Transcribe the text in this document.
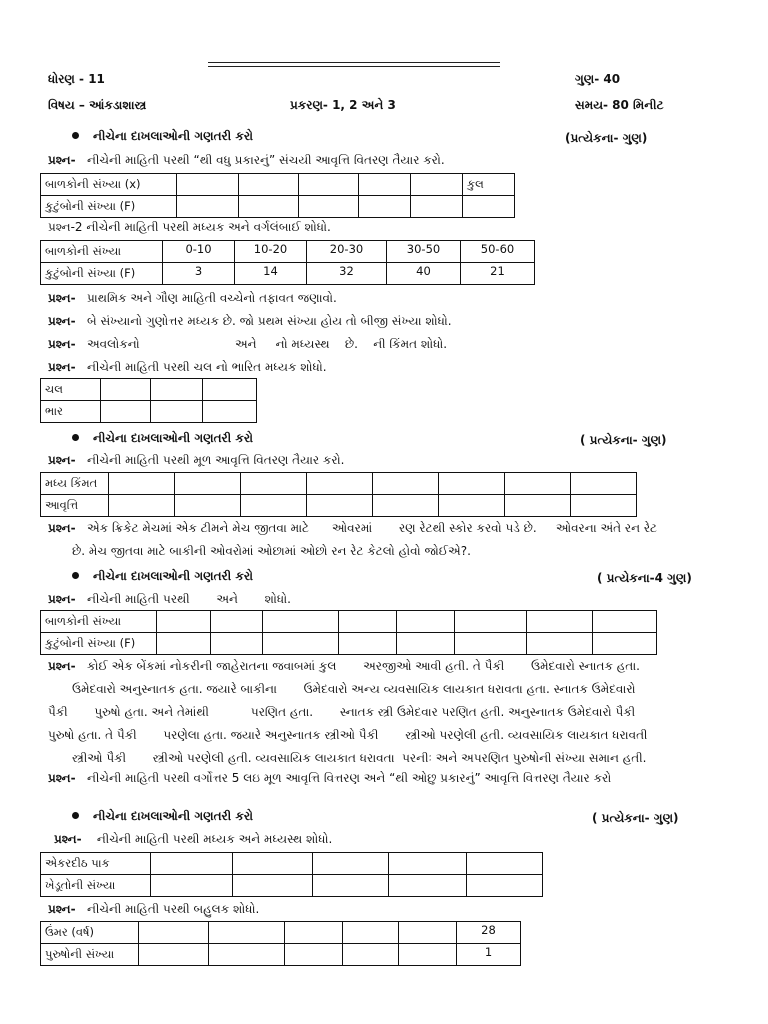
ધોરણ - 11	ગુણ- 40
વિષય – આંકડાશાસ્ત્ર	પ્રકરણ- 1, 2 અને 3	સમય- 80 મિનીટ
નીચેના દાખલાઓની ગણતરી કરો	(પ્રત્યેકના- ગુણ)
પ્રશ્ન- નીચેની માહિતી પરથી “થી વધુ પ્રકારનું” સંચયી આવૃત્તિ વિતરણ તૈયાર કરો.
બાળકોની સંખ્યા (x)						કુલ
કુટુંબોની સંખ્યા (F)						
પ્રશ્ન-2 નીચેની માહિતી પરથી મધ્યક અને વર્ગલંબાઈ શોધો.
બાળકોની સંખ્યા	0-10	10-20	20-30	30-50	50-60
કુટુંબોની સંખ્યા (F)	3	14	32	40	21
પ્રશ્ન- પ્રાથમિક અને ગૌણ માહિતી વચ્ચેનો તફાવત જણાવો.
પ્રશ્ન- બે સંખ્યાનો ગુણોત્તર મધ્યક છે. જો પ્રથમ સંખ્યા હોય તો બીજી સંખ્યા શોધો.
પ્રશ્ન- અવલોકનો                         અને     નો મધ્યસ્થ    છે.    ની કિંમત શોધો.
પ્રશ્ન- નીચેની માહિતી પરથી ચલ નો ભારિત મધ્યક શોધો.
ચલ			
ભાર			
નીચેના દાખલાઓની ગણતરી કરો	( પ્રત્યેકના- ગુણ)
પ્રશ્ન- નીચેની માહિતી પરથી મૂળ આવૃત્તિ વિતરણ તૈયાર કરો.
મધ્ય કિંમત								
આવૃત્તિ								
પ્રશ્ન- એક ક્રિકેટ મેચમાં એક ટીમને મેચ જીતવા માટે      ઓવરમાં       રણ રેટથી સ્કોર કરવો પડે છે.     ઓવરના અંતે રન રેટ
છે. મેચ જીતવા માટે બાકીની ઓવરોમાં ઓછામાં ઓછો રન રેટ કેટલો હોવો જોઈએ?.
નીચેના દાખલાઓની ગણતરી કરો	( પ્રત્યેકના-4 ગુણ)
પ્રશ્ન- નીચેની માહિતી પરથી       અને       શોધો.
બાળકોની સંખ્યા								
કુટુંબોની સંખ્યા (F)								
પ્રશ્ન- કોઈ એક બેંકમાં નોકરીની જાહેરાતના જવાબમાં કુલ       અરજીઓ આવી હતી. તે પૈકી       ઉમેદવારો સ્નાતક હતા.
ઉમેદવારો અનુસ્નાતક હતા. જયારે બાકીના       ઉમેદવારો અન્ય વ્યવસાયિક લાયકાત ધરાવતા હતા. સ્નાતક ઉમેદવારો
પૈકી       પુરુષો હતા. અને તેમાંથી           પરણિત હતા.       સ્નાતક સ્ત્રી ઉમેદવાર પરણિત હતી. અનુસ્નાતક ઉમેદવારો પૈકી
પુરુષો હતા. તે પૈકી       પરણેલા હતા. જયારે અનુસ્નાતક સ્ત્રીઓ પૈકી       સ્ત્રીઓ પરણેલી હતી. વ્યવસાયિક લાયકાત ધરાવતી
સ્ત્રીઓ પૈકી       સ્ત્રીઓ પરણેલી હતી. વ્યવસાયિક લાયકાત ધરાવતા  પરનીઃ અને અપરણિત પુરુષોની સંખ્યા સમાન હતી.
પ્રશ્ન- નીચેની માહિતી પરથી વર્ગોત્તર 5 લઇ મૂળ આવૃત્તિ વિત્તરણ અને “થી ઓછુ પ્રકારનું” આવૃત્તિ વિત્તરણ તૈયાર કરો
નીચેના દાખલાઓની ગણતરી કરો	( પ્રત્યેકના- ગુણ)
પ્રશ્ન- નીચેની માહિતી પરથી મધ્યક અને મધ્યસ્થ શોધો.
એકરદીઠ પાક					
ખેડૂતોની સંખ્યા					
પ્રશ્ન- નીચેની માહિતી પરથી બહુલક શોધો.
ઉંમર (વર્ષ)						28
પુરુષોની સંખ્યા						1
